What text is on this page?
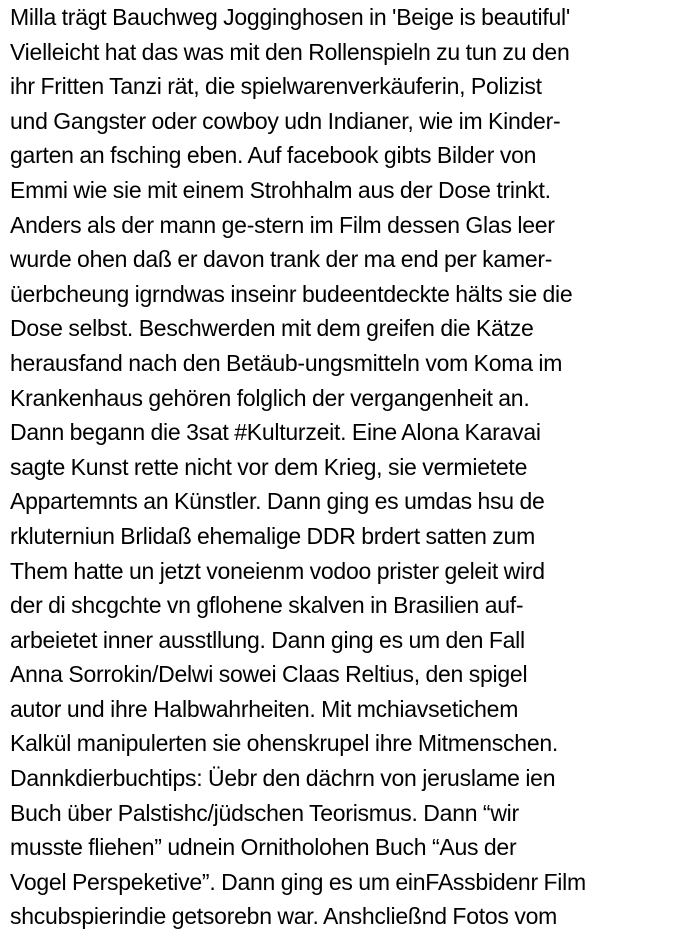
Milla trägt Bauchweg Jogginghosen in 'Beige is beautiful'
Vielleicht hat das was mit den Rollenspieln zu tun zu den
ihr Fritten Tanzi rät, die spielwarenverkäuferin, Polizist
und Gangster oder cowboy udn Indianer, wie im Kinder-
garten an fsching eben. Auf facebook gibts Bilder von
Emmi wie sie mit einem Strohhalm aus der Dose trinkt.
Anders als der mann ge-stern im Film dessen Glas leer
wurde ohen daß er davon trank der ma end per kamer-
üerbcheung igrndwas inseinr budeentdeckte hälts sie die
Dose selbst. Beschwerden mit dem greifen die Kätze
herausfand nach den Betäub-ungsmitteln vom Koma im
Krankenhaus gehören folglich der vergangenheit an.
Dann begann die 3sat #Kulturzeit. Eine Alona Karavai
sagte Kunst rette nicht vor dem Krieg, sie vermietete
Appartemnts an Künstler. Dann ging es umdas hsu de
rkluterniun Brlidaß ehemalige DDR brdert satten zum
Them hatte un jetzt voneienm vodoo prister geleit wird
der di shcgchte vn gflohene skalven in Brasilien auf-
arbeietet inner ausstllung. Dann ging es um den Fall
Anna Sorrokin/Delwi sowei Claas Reltius, den spigel
autor und ihre Halbwahrheiten. Mit mchiavsetichem
Kalkül manipulerten sie ohenskrupel ihre Mitmenschen.
Dannkdierbuchtips: Üebr den dächrn von jeruslame ien
Buch über Palstishc/jüdschen Teorismus. Dann “wir
musste fliehen” udnein Ornitholohen Buch “Aus der
Vogel Perspeketive”. Dann ging es um einFAssbidenr Film
shcubspierindie getsorebn war. Anshcließnd Fotos vom
